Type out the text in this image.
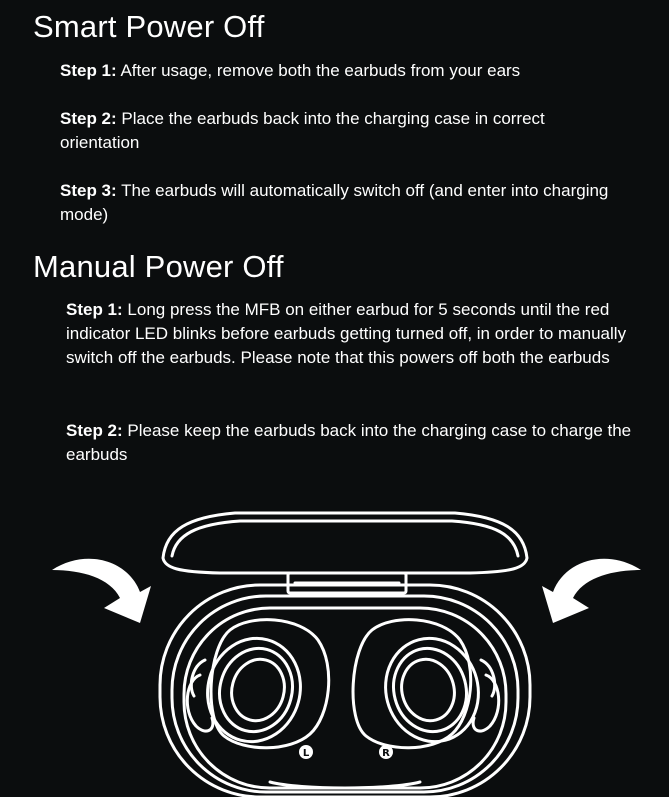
Smart Power Off

Step 1: After usage, remove both the earbuds from your ears

Step 2: Place the earbuds back into the charging case in correct orientation

Step 3: The earbuds will automatically switch off (and enter into charging mode)

Manual Power Off

Step 1: Long press the MFB on either earbud for 5 seconds until the red indicator LED blinks before earbuds getting turned off, in order to manually switch off the earbuds. Please note that this powers off both the earbuds

Step 2: Please keep the earbuds back into the charging case to charge the earbuds

L	R
